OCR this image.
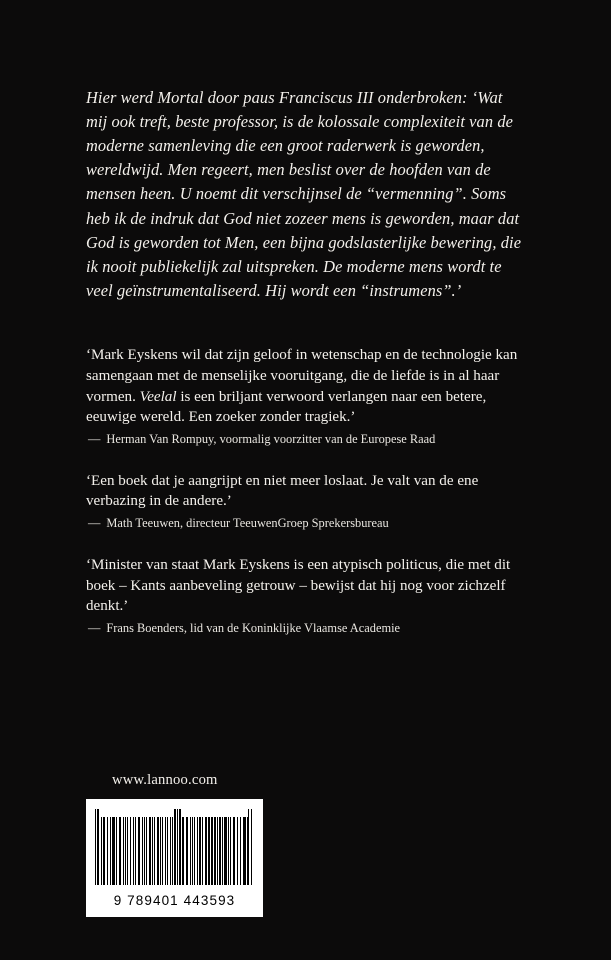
Hier werd Mortal door paus Franciscus III onderbroken: ‘Wat mij ook treft, beste professor, is de kolossale complexiteit van de moderne samenleving die een groot raderwerk is geworden, wereldwijd. Men regeert, men beslist over de hoofden van de mensen heen. U noemt dit verschijnsel de “vermenning”. Soms heb ik de indruk dat God niet zozeer mens is geworden, maar dat God is geworden tot Men, een bijna godslasterlijke bewering, die ik nooit publiekelijk zal uitspreken. De moderne mens wordt te veel geïnstrumentaliseerd. Hij wordt een “instrumens”.’

‘Mark Eyskens wil dat zijn geloof in wetenschap en de technologie kan samengaan met de menselijke vooruitgang, die de liefde is in al haar vormen. Veelal is een briljant verwoord verlangen naar een betere, eeuwige wereld. Een zoeker zonder tragiek.’
— Herman Van Rompuy, voormalig voorzitter van de Europese Raad
‘Een boek dat je aangrijpt en niet meer loslaat. Je valt van de ene verbazing in de andere.’
— Math Teeuwen, directeur TeeuwenGroep Sprekersbureau
‘Minister van staat Mark Eyskens is een atypisch politicus, die met dit boek – Kants aanbeveling getrouw – bewijst dat hij nog voor zichzelf denkt.’
— Frans Boenders, lid van de Koninklijke Vlaamse Academie
www.lannoo.com
9 789401 443593
